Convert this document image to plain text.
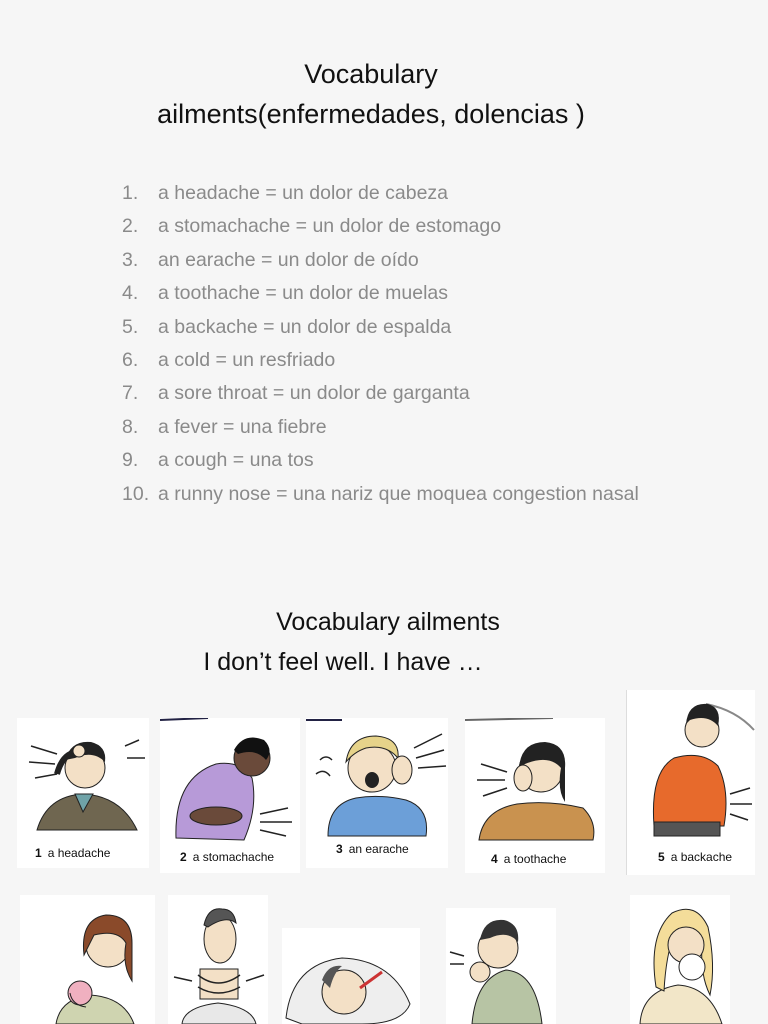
Vocabulary
ailments(enfermedades, dolencias )
1. a headache = un dolor de cabeza
2. a stomachache = un dolor de estomago
3. an earache = un dolor de oído
4. a toothache = un dolor de muelas
5. a backache = un dolor de espalda
6. a cold = un resfriado
7. a sore throat = un dolor de garganta
8. a fever = una fiebre
9. a cough = una tos
10. a runny nose = una nariz que moquea congestion nasal
Vocabulary ailments
I don’t feel well. I have …
1 a headache	2 a stomachache
3 an earache
4 a toothache	5 a backache
